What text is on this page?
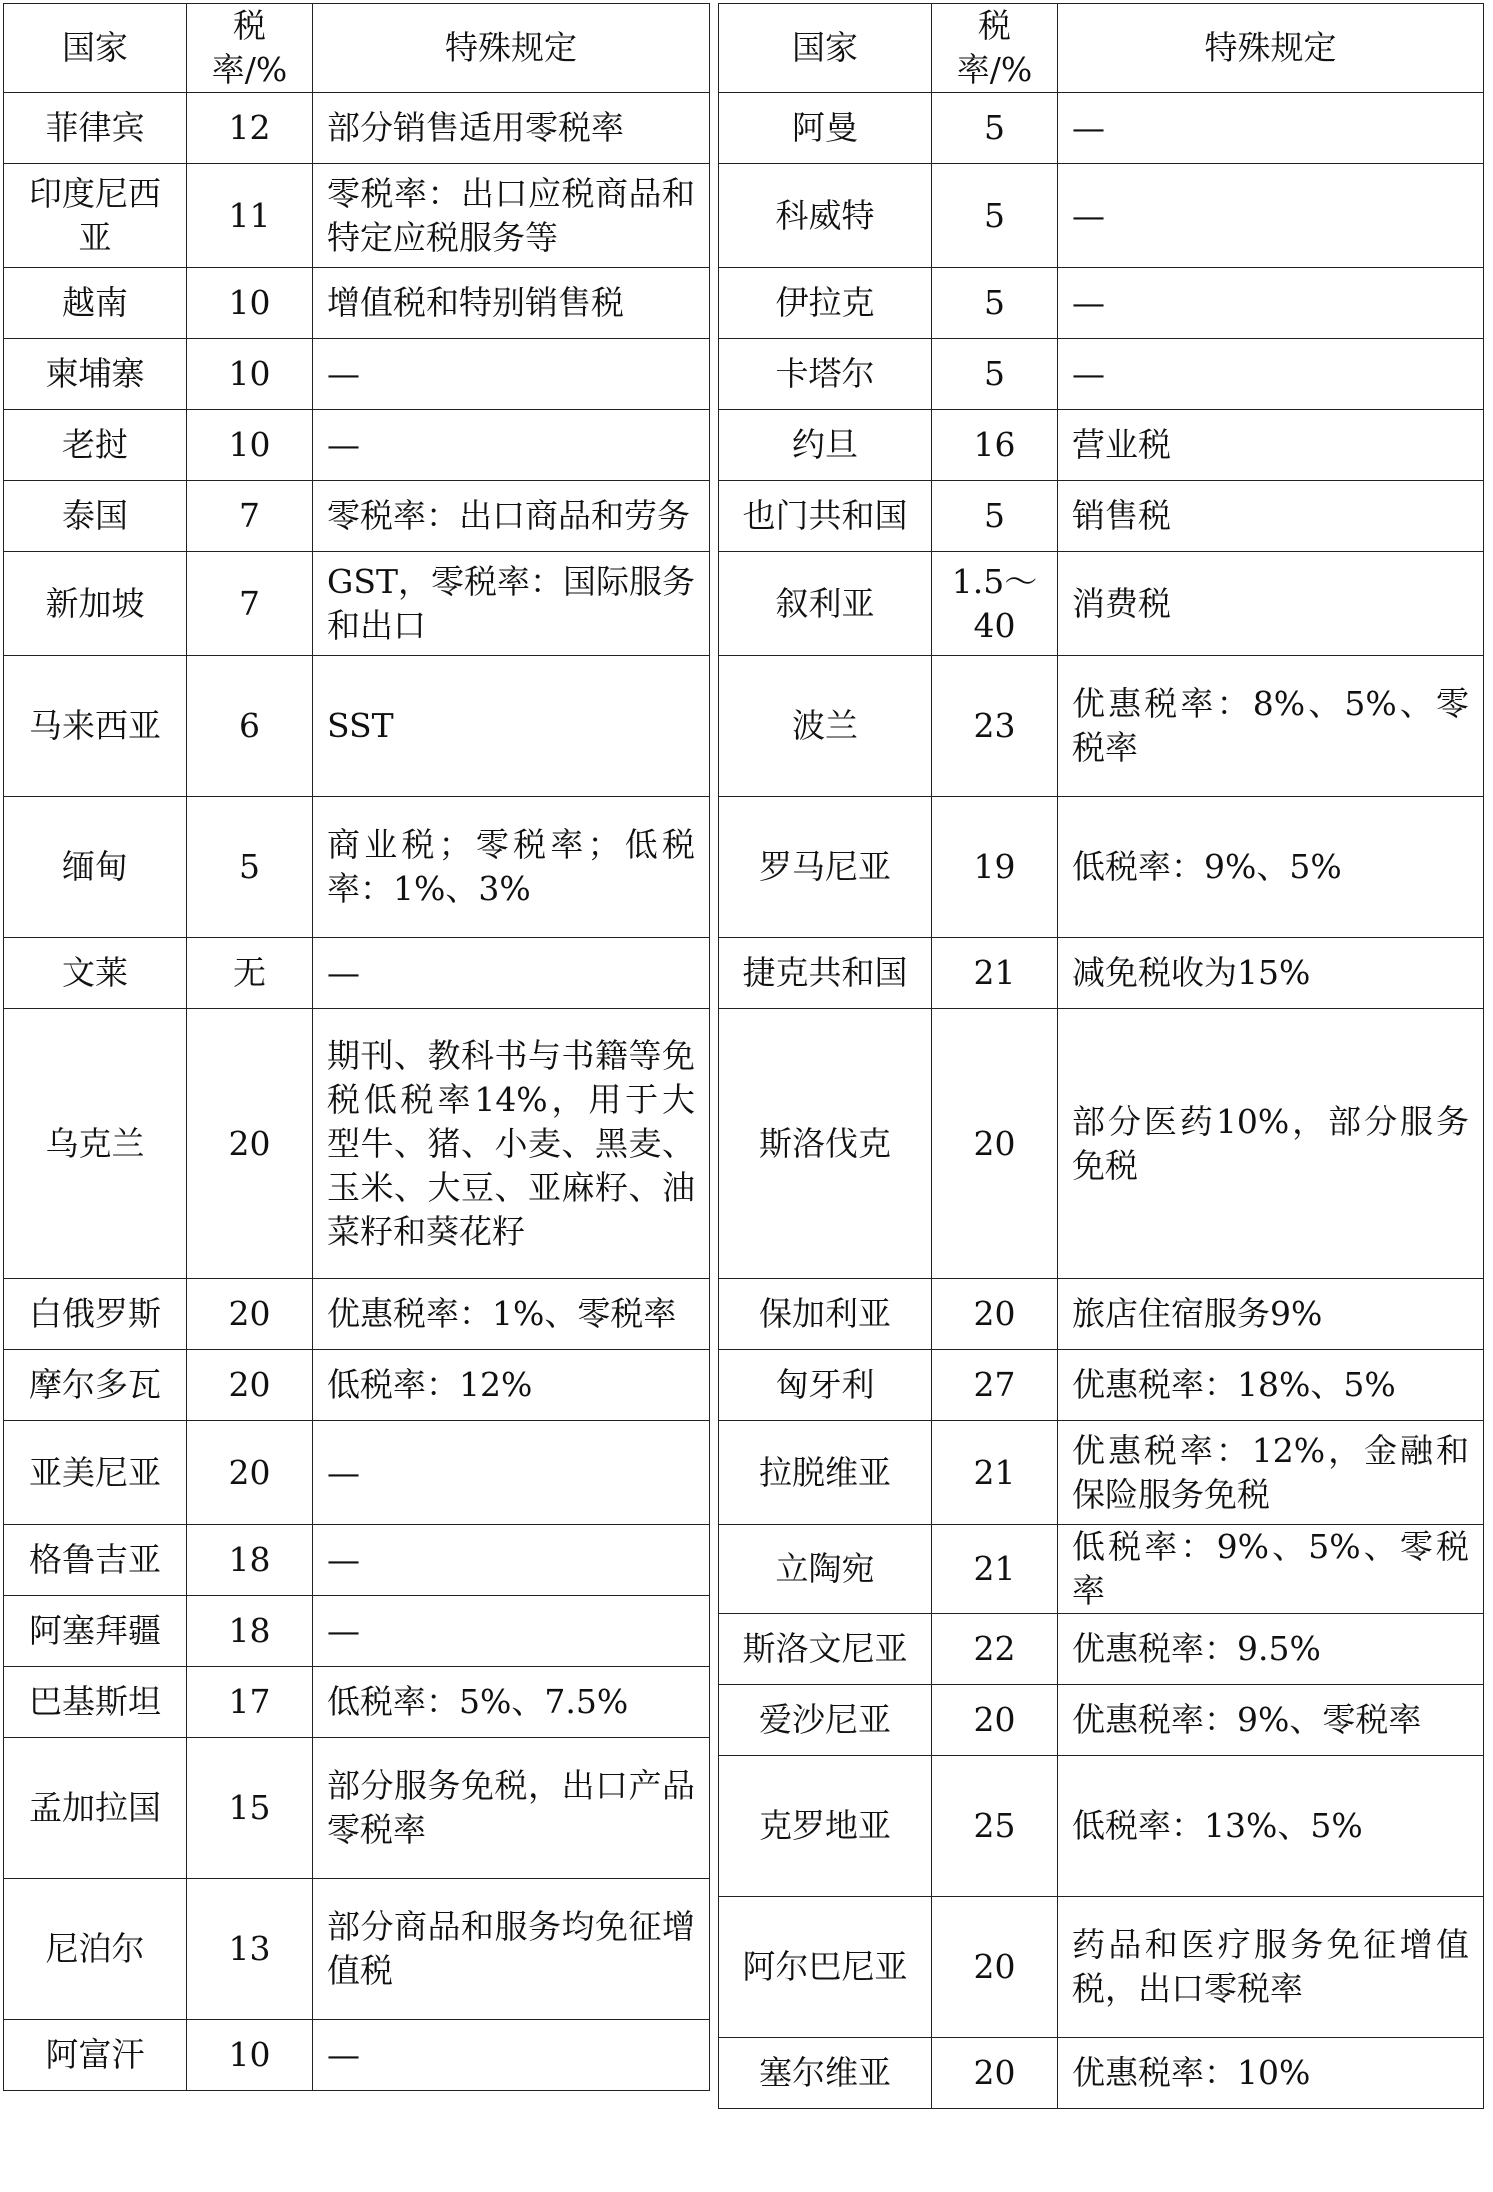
国家	税率/%	特殊规定
菲律宾	12	部分销售适用零税率

印度尼西亚	11	零税率：出口应税商品和特定应税服务等

越南	10	增值税和特别销售税

柬埔寨	10	—

老挝	10	—

泰国	7	零税率：出口商品和劳务

新加坡	7	GST，零税率：国际服务和出口

马来西亚	6	SST

缅甸	5	商业税；零税率；低税率：1%、3%

文莱	无	—

乌克兰	20	期刊、教科书与书籍等免税低税率14%，用于大型牛、猪、小麦、黑麦、玉米、大豆、亚麻籽、油菜籽和葵花籽

白俄罗斯	20	优惠税率：1%、零税率

摩尔多瓦	20	低税率：12%

亚美尼亚	20	—

格鲁吉亚	18	—

阿塞拜疆	18	—

巴基斯坦	17	低税率：5%、7.5%

孟加拉国	15	部分服务免税，出口产品零税率

尼泊尔	13	部分商品和服务均免征增值税

阿富汗	10	—
国家	税率/%	特殊规定
阿曼	5	—

科威特	5	—

伊拉克	5	—

卡塔尔	5	—

约旦	16	营业税

也门共和国	5	销售税

叙利亚	1.5～40	消费税

波兰	23	优惠税率：8%、5%、零税率

罗马尼亚	19	低税率：9%、5%

捷克共和国	21	减免税收为15%

斯洛伐克	20	部分医药10%，部分服务免税

保加利亚	20	旅店住宿服务9%

匈牙利	27	优惠税率：18%、5%

拉脱维亚	21	优惠税率：12%，金融和保险服务免税

立陶宛	21	低税率：9%、5%、零税率

斯洛文尼亚	22	优惠税率：9.5%

爱沙尼亚	20	优惠税率：9%、零税率

克罗地亚	25	低税率：13%、5%

阿尔巴尼亚	20	药品和医疗服务免征增值税，出口零税率

塞尔维亚	20	优惠税率：10%
